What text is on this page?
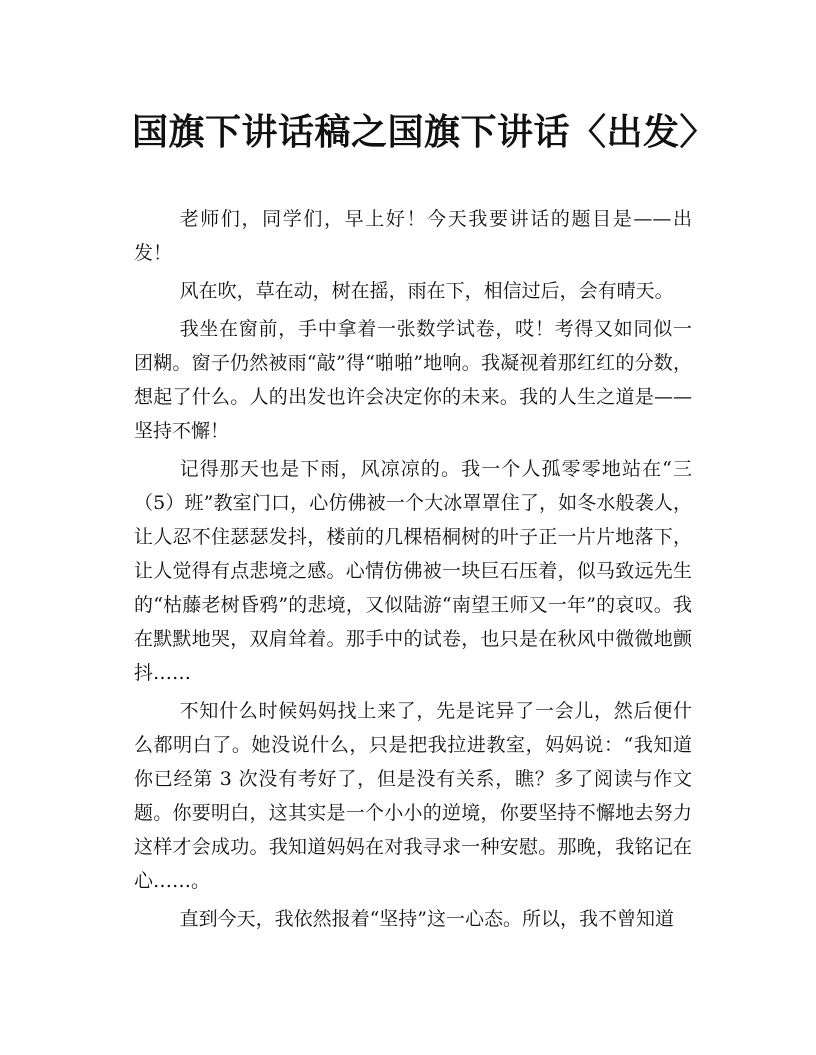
国旗下讲话稿之国旗下讲话〈出发〉

老师们，同学们，早上好！今天我要讲话的题目是——出发！

风在吹，草在动，树在摇，雨在下，相信过后，会有晴天。

我坐在窗前，手中拿着一张数学试卷，哎！考得又如同似一团糊。窗子仍然被雨“敲”得“啪啪”地响。我凝视着那红红的分数，想起了什么。人的出发也许会决定你的未来。我的人生之道是——坚持不懈！

记得那天也是下雨，风凉凉的。我一个人孤零零地站在“三（5）班”教室门口，心仿佛被一个大冰罩罩住了，如冬水般袭人，让人忍不住瑟瑟发抖，楼前的几棵梧桐树的叶子正一片片地落下，让人觉得有点悲境之感。心情仿佛被一块巨石压着，似马致远先生的“枯藤老树昏鸦”的悲境，又似陆游“南望王师又一年”的哀叹。我在默默地哭，双肩耸着。那手中的试卷，也只是在秋风中微微地颤抖……

不知什么时候妈妈找上来了，先是诧异了一会儿，然后便什么都明白了。她没说什么，只是把我拉进教室，妈妈说：“我知道你已经第 3 次没有考好了，但是没有关系，瞧？多了阅读与作文题。你要明白，这其实是一个小小的逆境，你要坚持不懈地去努力这样才会成功。我知道妈妈在对我寻求一种安慰。那晚，我铭记在心……。

直到今天，我依然报着“坚持”这一心态。所以，我不曾知道
